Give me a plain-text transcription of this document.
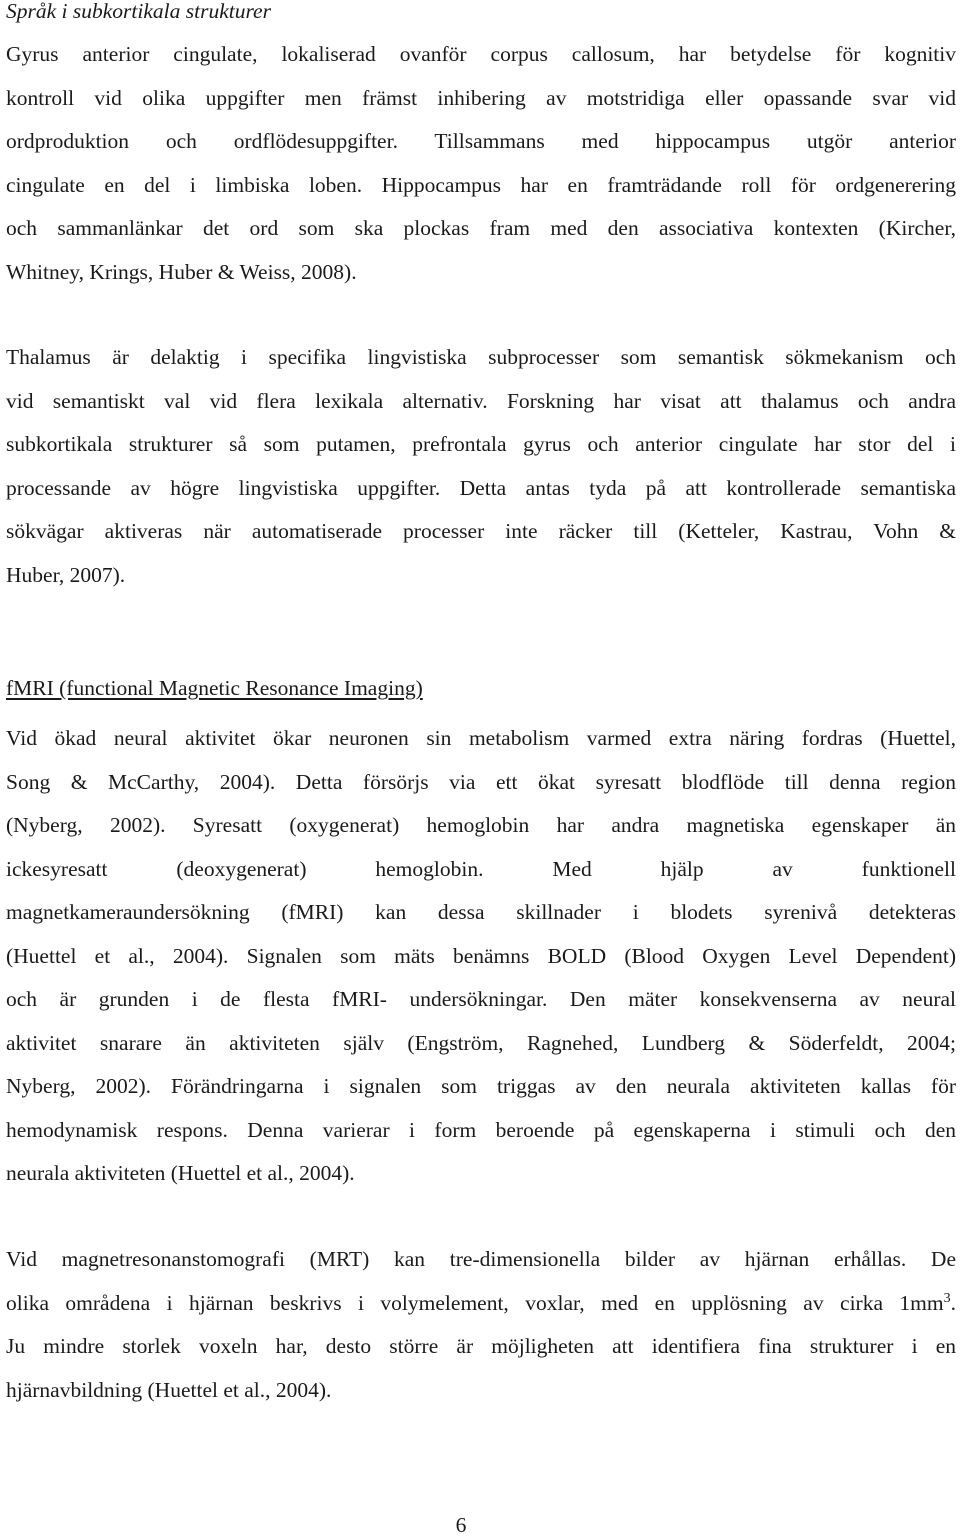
Språk i subkortikala strukturer
Gyrus anterior cingulate, lokaliserad ovanför corpus callosum, har betydelse för kognitiv
kontroll vid olika uppgifter men främst inhibering av motstridiga eller opassande svar vid
ordproduktion och ordflödesuppgifter. Tillsammans med hippocampus utgör anterior
cingulate en del i limbiska loben. Hippocampus har en framträdande roll för ordgenerering
och sammanlänkar det ord som ska plockas fram med den associativa kontexten (Kircher,
Whitney, Krings, Huber & Weiss, 2008).
Thalamus är delaktig i specifika lingvistiska subprocesser som semantisk sökmekanism och
vid semantiskt val vid flera lexikala alternativ. Forskning har visat att thalamus och andra
subkortikala strukturer så som putamen, prefrontala gyrus och anterior cingulate har stor del i
processande av högre lingvistiska uppgifter. Detta antas tyda på att kontrollerade semantiska
sökvägar aktiveras när automatiserade processer inte räcker till (Ketteler, Kastrau, Vohn &
Huber, 2007).
fMRI (functional Magnetic Resonance Imaging)
Vid ökad neural aktivitet ökar neuronen sin metabolism varmed extra näring fordras (Huettel,
Song & McCarthy, 2004). Detta försörjs via ett ökat syresatt blodflöde till denna region
(Nyberg, 2002). Syresatt (oxygenerat) hemoglobin har andra magnetiska egenskaper än
ickesyresatt (deoxygenerat) hemoglobin. Med hjälp av funktionell
magnetkameraundersökning (fMRI) kan dessa skillnader i blodets syrenivå detekteras
(Huettel et al., 2004). Signalen som mäts benämns BOLD (Blood Oxygen Level Dependent)
och är grunden i de flesta fMRI- undersökningar. Den mäter konsekvenserna av neural
aktivitet snarare än aktiviteten själv (Engström, Ragnehed, Lundberg & Söderfeldt, 2004;
Nyberg, 2002). Förändringarna i signalen som triggas av den neurala aktiviteten kallas för
hemodynamisk respons. Denna varierar i form beroende på egenskaperna i stimuli och den
neurala aktiviteten (Huettel et al., 2004).
Vid magnetresonanstomografi (MRT) kan tre-dimensionella bilder av hjärnan erhållas. De
olika områdena i hjärnan beskrivs i volymelement, voxlar, med en upplösning av cirka $1mm^3$.
Ju mindre storlek voxeln har, desto större är möjligheten att identifiera fina strukturer i en
hjärnavbildning (Huettel et al., 2004).
6
